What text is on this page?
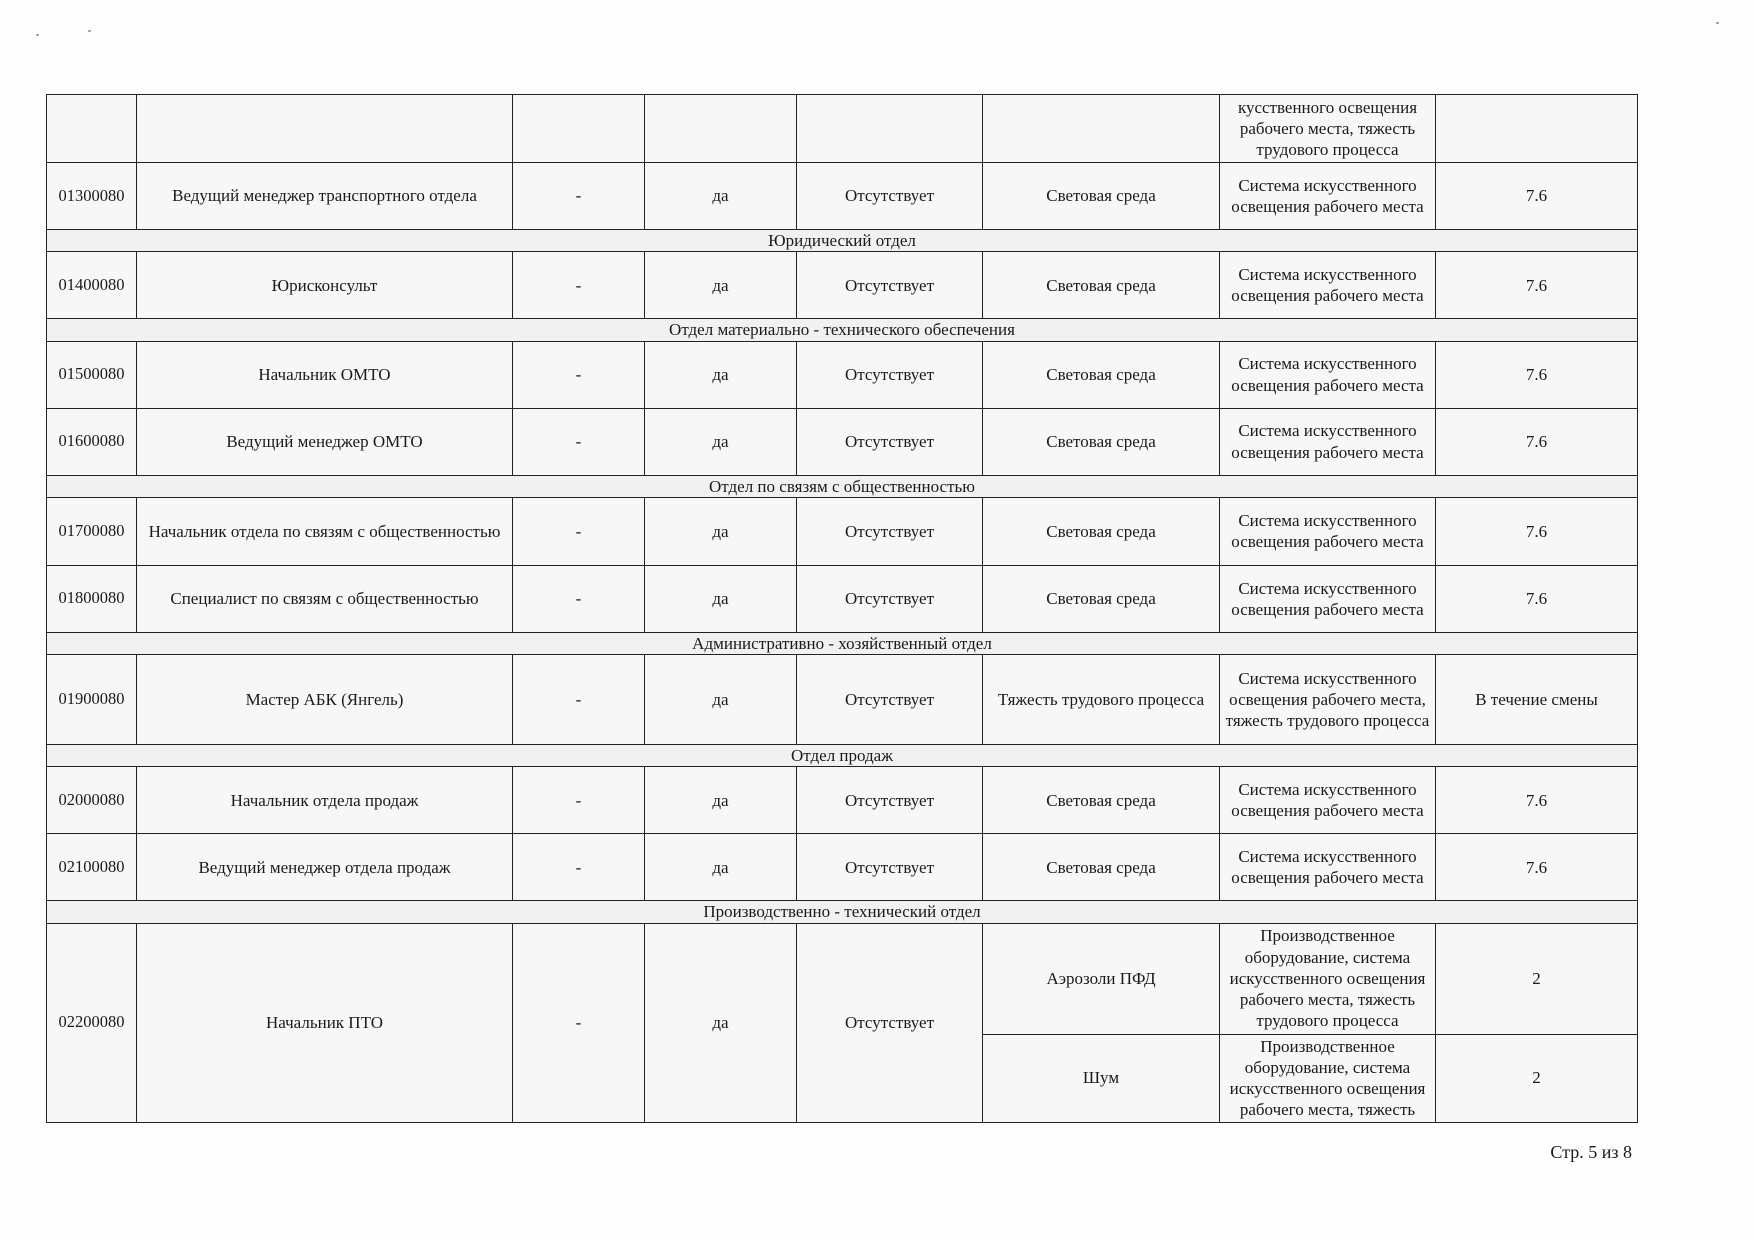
						кусственного освещения рабочего места, тяжесть трудового процесса	
01300080	Ведущий менеджер транспортного отдела	-	да	Отсутствует	Световая среда	Система искусственного освещения рабочего места	7.6
Юридический отдел							
01400080	Юрисконсульт	-	да	Отсутствует	Световая среда	Система искусственного освещения рабочего места	7.6
Отдел материально - технического обеспечения							
01500080	Начальник ОМТО	-	да	Отсутствует	Световая среда	Система искусственного освещения рабочего места	7.6
01600080	Ведущий менеджер ОМТО	-	да	Отсутствует	Световая среда	Система искусственного освещения рабочего места	7.6
Отдел по связям с общественностью							
01700080	Начальник отдела по связям с общественностью	-	да	Отсутствует	Световая среда	Система искусственного освещения рабочего места	7.6
01800080	Специалист по связям с общественностью	-	да	Отсутствует	Световая среда	Система искусственного освещения рабочего места	7.6
Административно - хозяйственный отдел							
01900080	Мастер АБК (Янгель)	-	да	Отсутствует	Тяжесть трудового процесса	Система искусственного освещения рабочего места, тяжесть трудового процесса	В течение смены
Отдел продаж							
02000080	Начальник отдела продаж	-	да	Отсутствует	Световая среда	Система искусственного освещения рабочего места	7.6
02100080	Ведущий менеджер отдела продаж	-	да	Отсутствует	Световая среда	Система искусственного освещения рабочего места	7.6
Производственно - технический отдел							
02200080	Начальник ПТО	-	да	Отсутствует	Аэрозоли ПФД	Производственное оборудование, система искусственного освещения рабочего места, тяжесть трудового процесса	2
					Шум	Производственное оборудование, система искусственного освещения рабочего места, тяжесть	2
Стр. 5 из 8
